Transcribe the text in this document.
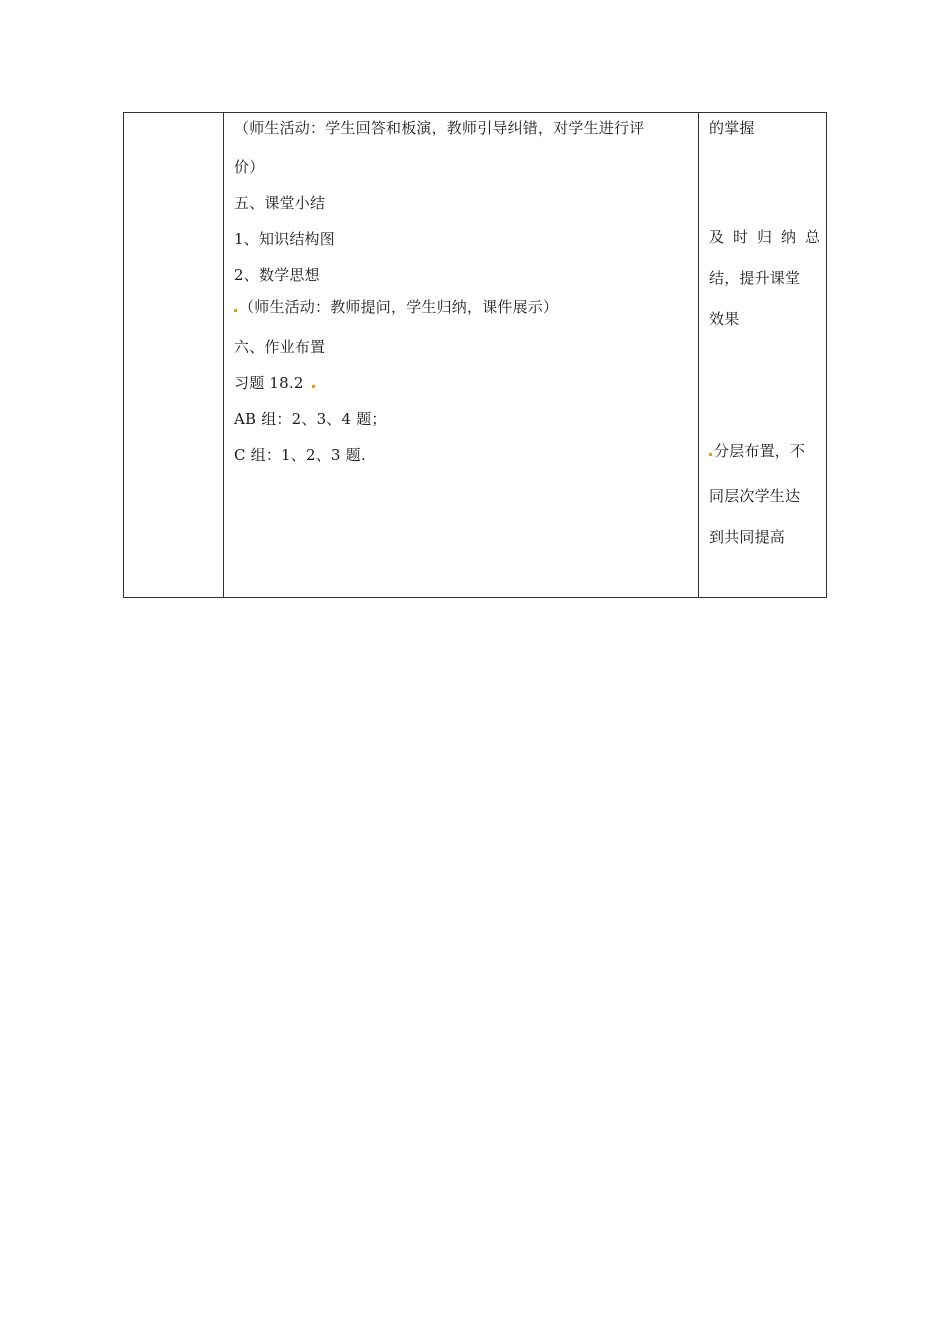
（师生活动：学生回答和板演，教师引导纠错，对学生进行评
价）
五、课堂小结
1、知识结构图
2、数学思想
（师生活动：教师提问，学生归纳，课件展示）
六、作业布置
习题 18.2
AB 组：2、3、4 题；
C 组：1、2、3 题.
的掌握
及时归纳总
结，提升课堂
效果
分层布置，不
同层次学生达
到共同提高
